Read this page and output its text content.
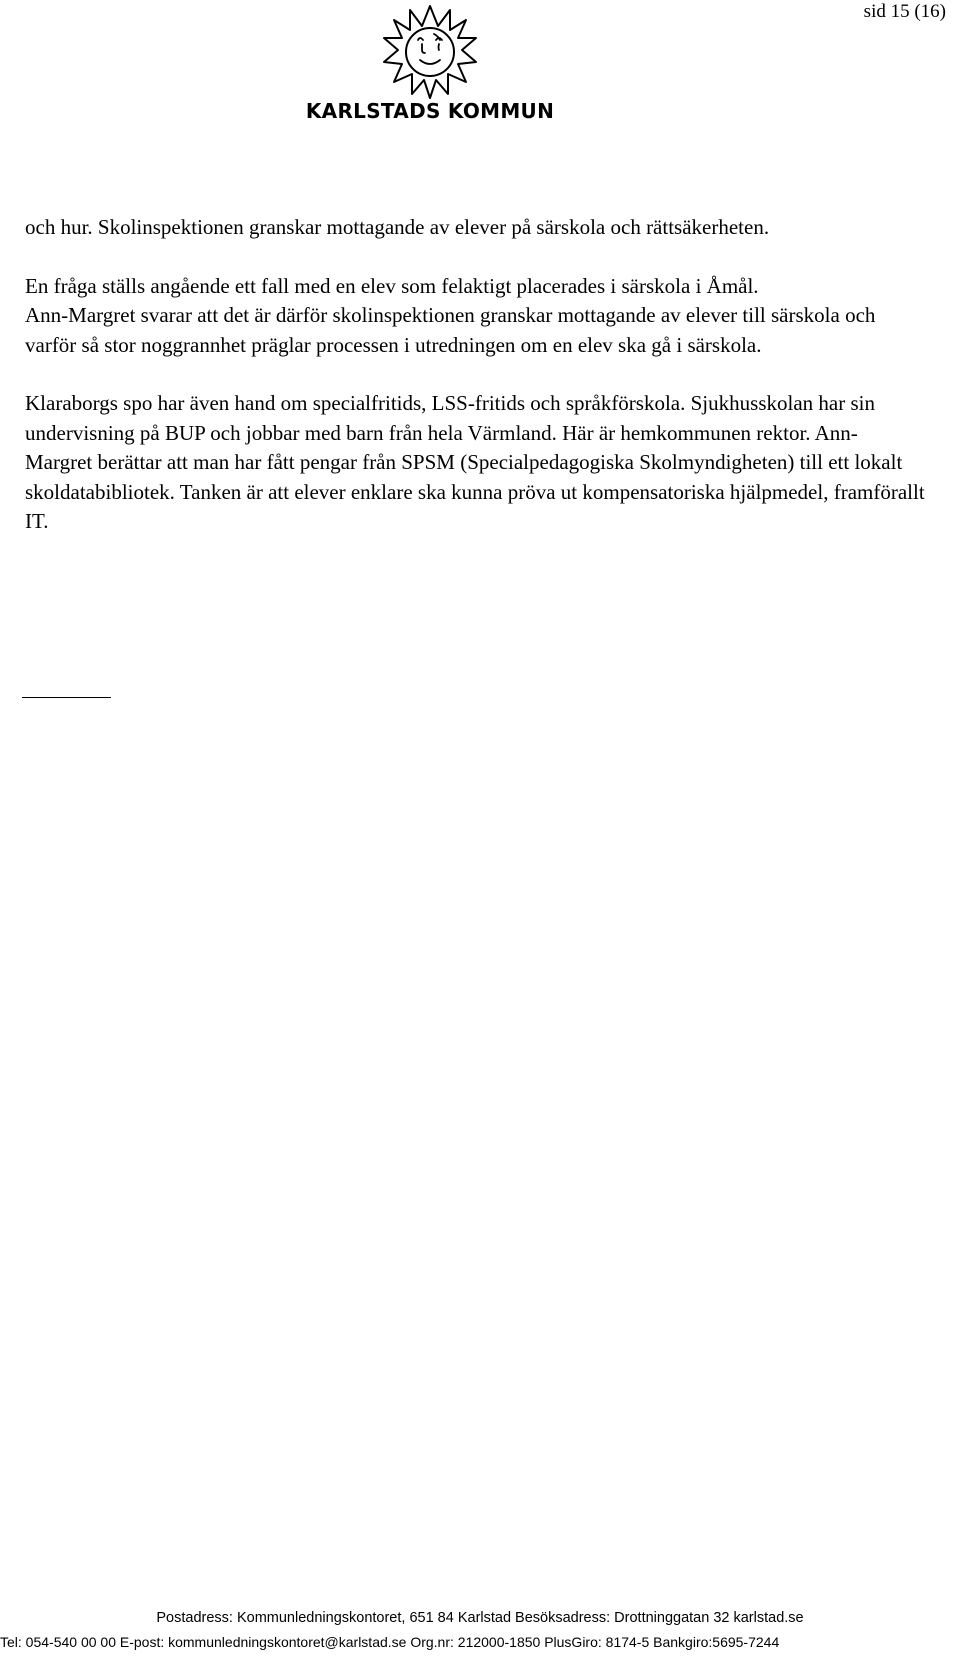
sid 15 (16)
KARLSTADS KOMMUN

och hur. Skolinspektionen granskar mottagande av elever på särskola och rättsäkerheten.

En fråga ställs angående ett fall med en elev som felaktigt placerades i särskola i Åmål.

Ann-Margret svarar att det är därför skolinspektionen granskar mottagande av elever till särskola och varför så stor noggrannhet präglar processen i utredningen om en elev ska gå i särskola.

Klaraborgs spo har även hand om specialfritids, LSS-fritids och språkförskola. Sjukhusskolan har sin undervisning på BUP och jobbar med barn från hela Värmland. Här är hemkommunen rektor. Ann-Margret berättar att man har fått pengar från SPSM (Specialpedagogiska Skolmyndigheten) till ett lokalt skoldatabibliotek. Tanken är att elever enklare ska kunna pröva ut kompensatoriska hjälpmedel, framförallt IT.

Postadress: Kommunledningskontoret, 651 84 Karlstad Besöksadress: Drottninggatan 32 karlstad.se
Tel: 054-540 00 00 E-post: kommunledningskontoret@karlstad.se Org.nr: 212000-1850 PlusGiro: 8174-5 Bankgiro:5695-7244
